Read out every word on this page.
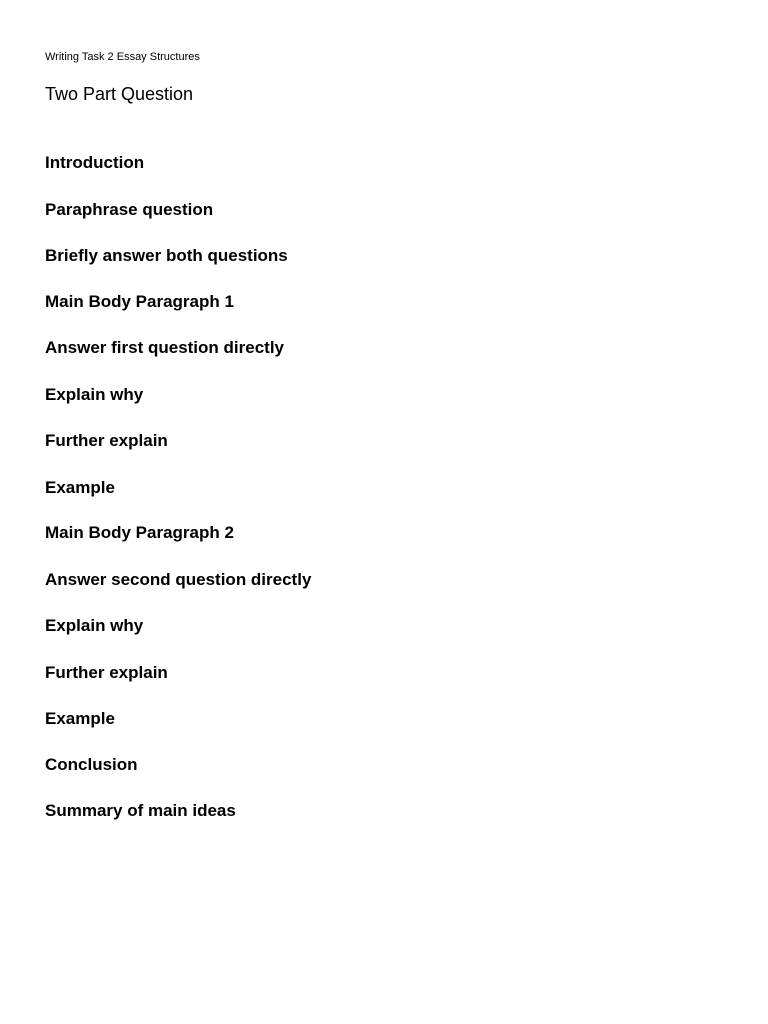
Writing Task 2 Essay Structures
Two Part Question
Introduction
Paraphrase question
Briefly answer both questions
Main Body Paragraph 1
Answer first question directly
Explain why
Further explain
Example
Main Body Paragraph 2
Answer second question directly
Explain why
Further explain
Example
Conclusion
Summary of main ideas
